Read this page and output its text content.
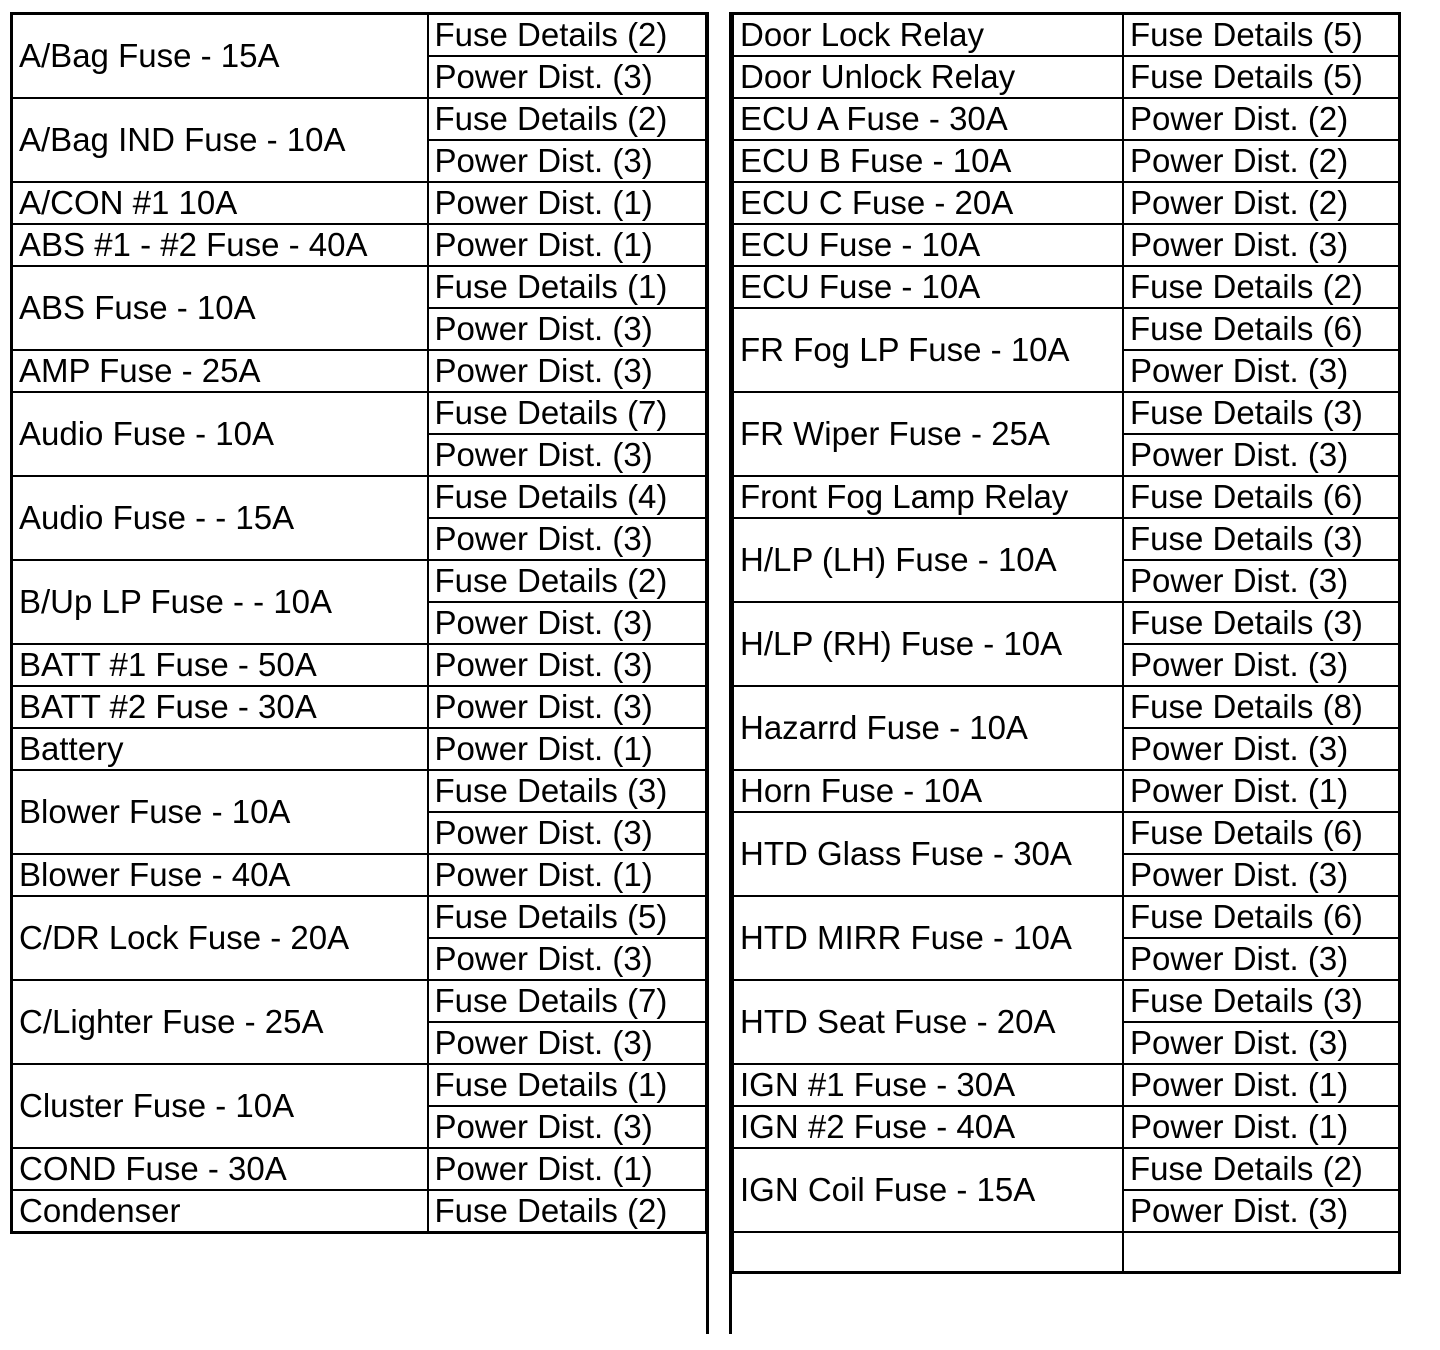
A/Bag Fuse - 15A	Fuse Details (2)
	Power Dist. (3)
A/Bag IND Fuse - 10A	Fuse Details (2)
	Power Dist. (3)
A/CON #1 10A	Power Dist. (1)
ABS #1 - #2 Fuse - 40A	Power Dist. (1)

ABS Fuse - 10A	Fuse Details (1)
	Power Dist. (3)
AMP Fuse - 25A	Power Dist. (3)
Audio Fuse - 10A	Fuse Details (7)
	Power Dist. (3)
Audio Fuse - - 15A	Fuse Details (4)
	Power Dist. (3)
B/Up LP Fuse - - 10A	Fuse Details (2)
	Power Dist. (3)
BATT #1 Fuse - 50A	Power Dist. (3)
BATT #2 Fuse - 30A	Power Dist. (3)
Battery	Power Dist. (1)
Blower Fuse - 10A	Fuse Details (3)
	Power Dist. (3)
Blower Fuse - 40A	Power Dist. (1)
C/DR Lock Fuse - 20A	Fuse Details (5)
	Power Dist. (3)
C/Lighter Fuse - 25A	Fuse Details (7)
	Power Dist. (3)
Cluster Fuse - 10A	Fuse Details (1)
	Power Dist. (3)
COND Fuse - 30A	Power Dist. (1)
Condenser	Fuse Details (2)
Door Lock Relay	Fuse Details (5)
Door Unlock Relay	Fuse Details (5)
ECU A Fuse - 30A	Power Dist. (2)
ECU B Fuse - 10A	Power Dist. (2)
ECU C Fuse - 20A	Power Dist. (2)
ECU Fuse - 10A	Power Dist. (3)
ECU Fuse - 10A	Fuse Details (2)
FR Fog LP Fuse - 10A	Fuse Details (6)
	Power Dist. (3)
FR Wiper Fuse - 25A	Fuse Details (3)
	Power Dist. (3)
Front Fog Lamp Relay	Fuse Details (6)
H/LP (LH) Fuse - 10A	Fuse Details (3)
	Power Dist. (3)
H/LP (RH) Fuse - 10A	Fuse Details (3)
	Power Dist. (3)
Hazarrd Fuse - 10A	Fuse Details (8)
	Power Dist. (3)
Horn Fuse - 10A	Power Dist. (1)
HTD Glass Fuse - 30A	Fuse Details (6)
	Power Dist. (3)
HTD MIRR Fuse - 10A	Fuse Details (6)
	Power Dist. (3)
HTD Seat Fuse - 20A	Fuse Details (3)
	Power Dist. (3)
IGN #1 Fuse - 30A	Power Dist. (1)
IGN #2 Fuse - 40A	Power Dist. (1)
IGN Coil Fuse - 15A	Fuse Details (2)
	Power Dist. (3)
